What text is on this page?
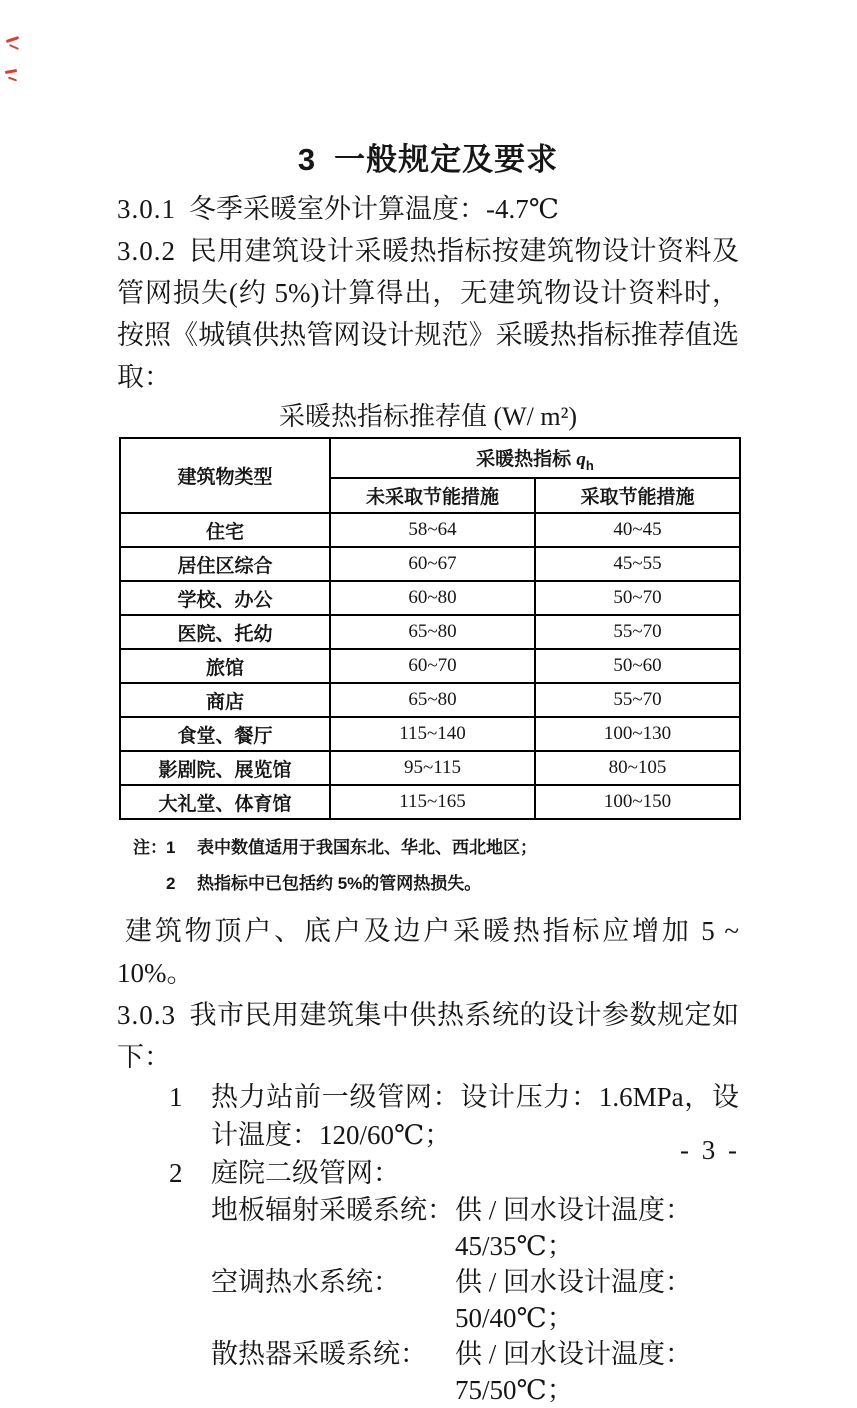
3 一般规定及要求

3.0.1 冬季采暖室外计算温度：-4.7℃

3.0.2 民用建筑设计采暖热指标按建筑物设计资料及管网损失(约 5%)计算得出，无建筑物设计资料时，按照《城镇供热管网设计规范》采暖热指标推荐值选取：

采暖热指标推荐值 (W/ m²)
建筑物类型	采暖热指标 $q_h$
	未采取节能措施	采取节能措施
住宅	58~64	40~45
居住区综合	60~67	45~55
学校、办公	60~80	50~70
医院、托幼	65~80	55~70
旅馆	60~70	50~60
商店	65~80	55~70
食堂、餐厅	115~140	100~130
影剧院、展览馆	95~115	80~105
大礼堂、体育馆	115~165	100~150
注： 1	表中数值适用于我国东北、华北、西北地区；
2	热指标中已包括约 5%的管网热损失。

建筑物顶户、底户及边户采暖热指标应增加 5 ~ 10%。

3.0.3 我市民用建筑集中供热系统的设计参数规定如下：

1	热力站前一级管网：设计压力：1.6MPa，设计温度：120/60℃；
2	庭院二级管网：
地板辐射采暖系统： 供 / 回水设计温度：45/35℃；
空调热水系统：	供 / 回水设计温度：50/40℃；
散热器采暖系统：	供 / 回水设计温度：75/50℃；
- 3 -
